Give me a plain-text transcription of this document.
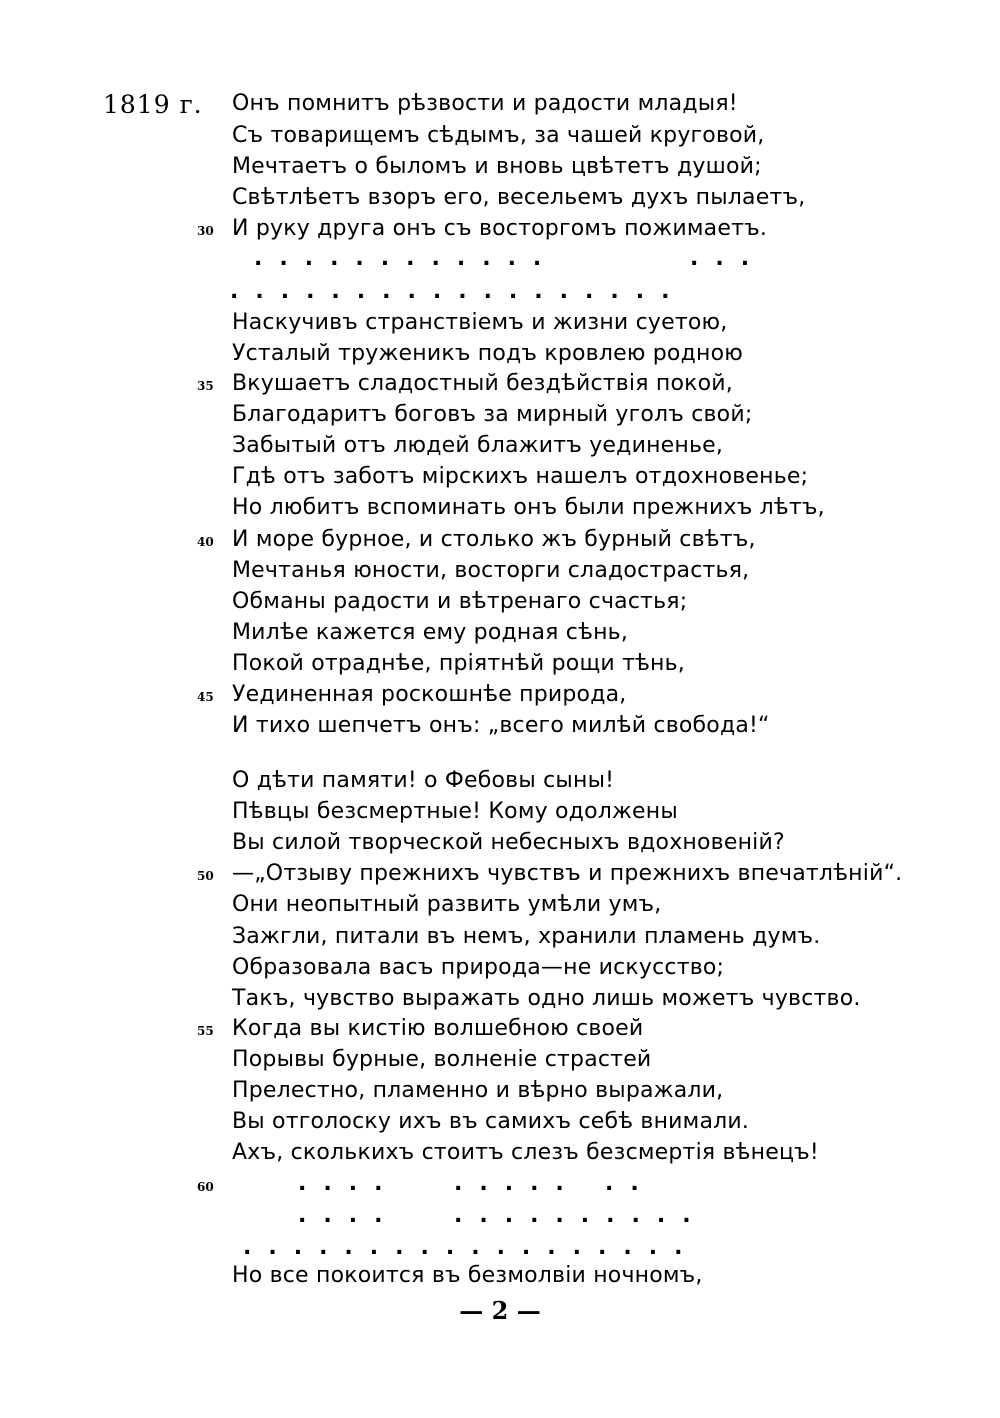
1819 г. Онъ помнитъ рѣзвости и радости младыя!
Съ товарищемъ сѣдымъ, за чашей круговой,
Мечтаетъ о быломъ и вновь цвѣтетъ душой;
Свѣтлѣетъ взоръ его, весельемъ духъ пылаетъ,
30 И руку друга онъ съ восторгомъ пожимаетъ.
............	...
..................
Наскучивъ странствіемъ и жизни суетою,
Усталый труженикъ подъ кровлею родною
35 Вкушаетъ сладостный бездѣйствія покой,
Благодаритъ боговъ за мирный уголъ свой;
Забытый отъ людей блажитъ уединенье,
Гдѣ отъ заботъ мірскихъ нашелъ отдохновенье;
Но любитъ вспоминать онъ были прежнихъ лѣтъ,
40 И море бурное, и столько жъ бурный свѣтъ,
Мечтанья юности, восторги сладострастья,
Обманы радости и вѣтренаго счастья;
Милѣе кажется ему родная сѣнь,
Покой отраднѣе, пріятнѣй рощи тѣнь,
45 Уединенная роскошнѣе природа,
И тихо шепчетъ онъ: „всего милѣй свобода!“
О дѣти памяти! о Фебовы сыны!
Пѣвцы безсмертные! Кому одолжены
Вы силой творческой небесныхъ вдохновеній?
50 —„Отзыву прежнихъ чувствъ и прежнихъ впечатлѣній“.
Они неопытный развить умѣли умъ,
Зажгли, питали въ немъ, хранили пламень думъ.
Образовала васъ природа—не искусство;
Такъ, чувство выражать одно лишь можетъ чувство.
55 Когда вы кистію волшебною своей
Порывы бурные, волненіе страстей
Прелестно, пламенно и вѣрно выражали,
Вы отголоску ихъ въ самихъ себѣ внимали.
Ахъ, сколькихъ стоитъ слезъ безсмертія вѣнецъ!
60	.... ..... ..
.... ..........
..................
Но все покоится въ безмолвіи ночномъ,
— 2 —
